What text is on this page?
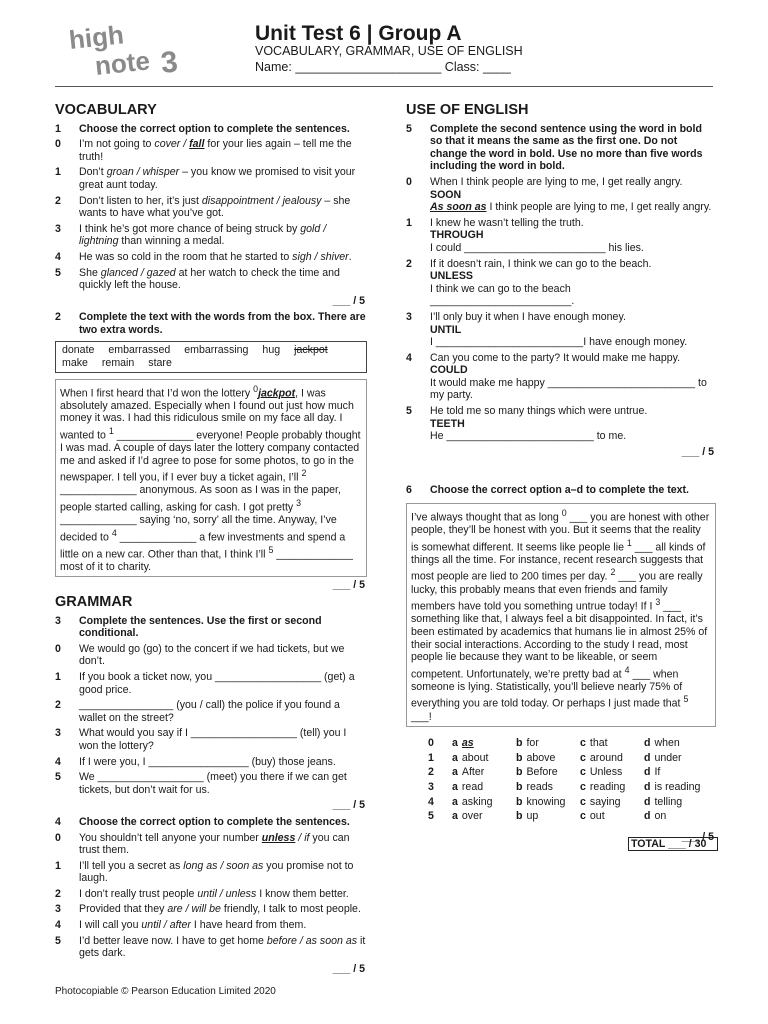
high
note 3
Unit Test 6 | Group A
VOCABULARY, GRAMMAR, USE OF ENGLISH
Name: _____________________ Class: ____
VOCABULARY
1	Choose the correct option to complete the sentences.
0	I’m not going to cover / fall for your lies again – tell me the truth!
1	Don’t groan / whisper – you know we promised to visit your great aunt today.
2	Don’t listen to her, it’s just disappointment / jealousy – she wants to have what you’ve got.
3	I think he’s got more chance of being struck by gold / lightning than winning a medal.
4	He was so cold in the room that he started to sigh / shiver.
5	She glanced / gazed at her watch to check the time and quickly left the house.
___ / 5
2	Complete the text with the words from the box. There are two extra words.
donate embarrassed embarrassing hug jackpotmake remain stare
When I first heard that I’d won the lottery $^0$jackpot, I was absolutely amazed. Especially when I found out just how much money it was. I had this ridiculous smile on my face all day. I wanted to $^1$ _____________ everyone! People probably thought I was mad. A couple of days later the lottery company contacted me and asked if I’d agree to pose for some photos, to go in the newspaper. I tell you, if I ever buy a ticket again, I’ll $^2$ _____________ anonymous. As soon as I was in the paper, people started calling, asking for cash. I got pretty $^3$ _____________ saying ‘no, sorry’ all the time. Anyway, I’ve decided to $^4$ _____________ a few investments and spend a little on a new car. Other than that, I think I’ll $^5$ _____________ most of it to charity.
___ / 5
GRAMMAR
3	Complete the sentences. Use the first or second conditional.
0	We would go (go) to the concert if we had tickets, but we don’t.
1	If you book a ticket now, you __________________ (get) a good price.
2	________________ (you / call) the police if you found a wallet on the street?
3	What would you say if I __________________ (tell) you I won the lottery?
4	If I were you, I _________________ (buy) those jeans.
5	We __________________ (meet) you there if we can get tickets, but don’t wait for us.
___ / 5
4	Choose the correct option to complete the sentences.
0	You shouldn’t tell anyone your number unless / if you can trust them.
1	I’ll tell you a secret as long as / soon as you promise not to laugh.
2	I don’t really trust people until / unless I know them better.
3	Provided that they are / will be friendly, I talk to most people.
4	I will call you until / after I have heard from them.
5	I’d better leave now. I have to get home before / as soon as it gets dark.
___ / 5
USE OF ENGLISH
5	Complete the second sentence using the word in bold so that it means the same as the first one. Do not change the word in bold. Use no more than five words including the word in bold.
0	When I think people are lying to me, I get really angry.
SOON
As soon as I think people are lying to me, I get really angry.
1	I knew he wasn’t telling the truth.
THROUGH
I could ________________________ his lies.
2	If it doesn’t rain, I think we can go to the beach.
UNLESS
I think we can go to the beach ________________________.
3	I’ll only buy it when I have enough money.
UNTIL
I _________________________I have enough money.
4	Can you come to the party? It would make me happy.
COULD
It would make me happy _________________________ to my party.
5	He told me so many things which were untrue.
TEETH
He _________________________ to me.
___ / 5
6	Choose the correct option a–d to complete the text.
I’ve always thought that as long $^0$ ___ you are honest with other people, they’ll be honest with you. But it seems that the reality is somewhat different. It seems like people lie $^1$ ___ all kinds of things all the time. For instance, recent research suggests that most people are lied to 200 times per day. $^2$ ___ you are really lucky, this probably means that even friends and family members have told you something untrue today! If I $^3$ ___ something like that, I always feel a bit disappointed. In fact, it’s been estimated by academics that humans lie in almost 25% of their social interactions. According to the study I read, most people lie because they want to be likeable, or seem competent. Unfortunately, we’re pretty bad at $^4$ ___ when someone is lying. Statistically, you’ll believe nearly 75% of everything you are told today. Or perhaps I just made that $^5$ ___!
0	a as	b for	c that	d when
1	a about	b above	c around	d under
2	a After	b Before	c Unless	d If
3	a read	b reads	c reading	d is reading
4	a asking	b knowing	c saying	d telling
5	a over	b up	c out	d on
___ / 5
TOTAL ___ / 30
Photocopiable © Pearson Education Limited 2020
